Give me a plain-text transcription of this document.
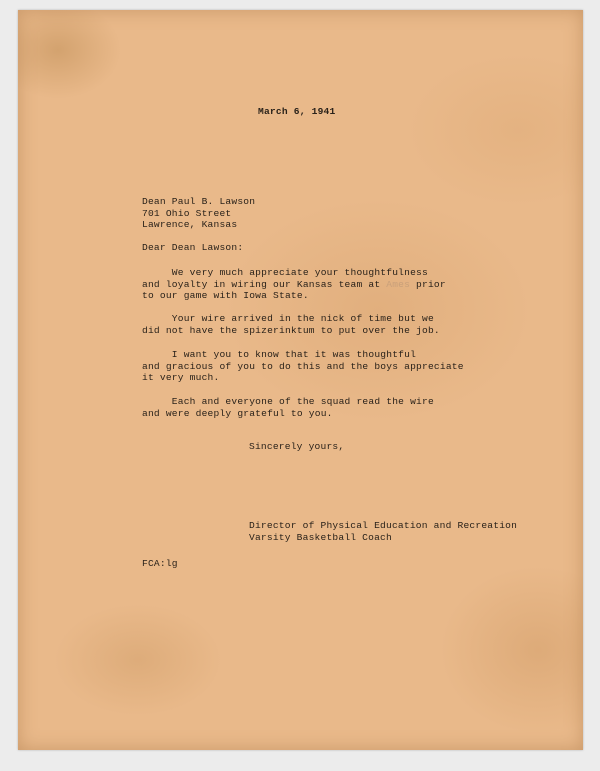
March 6, 1941

Dean Paul B. Lawson
701 Ohio Street
Lawrence, Kansas

Dear Dean Lawson:

We very much appreciate your thoughtfulness
and loyalty in wiring our Kansas team at Ames prior
to our game with Iowa State.

Your wire arrived in the nick of time but we
did not have the spizerinktum to put over the job.

I want you to know that it was thoughtful
and gracious of you to do this and the boys appreciate
it very much.

Each and everyone of the squad read the wire
and were deeply grateful to you.

Sincerely yours,

Director of Physical Education and Recreation
Varsity Basketball Coach

FCA:lg
